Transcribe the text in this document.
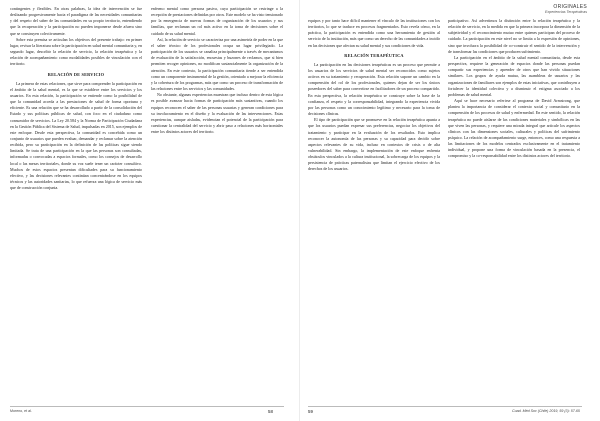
contingentes y flexibles. En otras palabras, la idea de intervención se fue deslizando progresivamente hacia el paradigma de las necesidades comunitarias y del respeto del saber de las comunidades en su propio territorio, entendiendo que la recuperación y la participación no pueden imponerse desde afuera sino que se construyen colectivamente.

Sobre esta premisa se articulan los objetivos del presente trabajo: en primer lugar, revisar la literatura sobre la participación en salud mental comunitaria y, en segundo lugar, describir la relación de servicio, la relación terapéutica y la relación de acompañamiento como modalidades posibles de vinculación con el territorio.

RELACIÓN DE SERVICIO

La primera de estas relaciones, que sirve para comprender la participación en el ámbito de la salud mental, es la que se establece entre los servicios y los usuarios. En esta relación, la participación se entiende como la posibilidad de que la comunidad acceda a las prestaciones de salud de forma oportuna y eficiente. Es una relación que se ha desarrollado a partir de la consolidación del Estado y sus políticas públicas de salud, con foco en el ciudadano como consumidor de servicios. La Ley 20.584 y la Norma de Participación Ciudadana en la Gestión Pública del Sistema de Salud, impulsadas en 2015, son ejemplos de este enfoque. Desde esta perspectiva, la comunidad es concebida como un conjunto de usuarios que pueden evaluar, demandar y reclamar sobre la atención recibida, pero su participación en la definición de las políticas sigue siendo limitada. Se trata de una participación en la que las personas son consultadas, informadas o convocadas a espacios formales, como los consejos de desarrollo local o las mesas territoriales, donde su voz suele tener un carácter consultivo. Muchos de estos espacios presentan dificultades para su funcionamiento efectivo, y las decisiones relevantes continúan concentrándose en los equipos técnicos y las autoridades sanitarias, lo que refuerza una lógica de servicio más que de construcción conjunta.

enfermo mental como persona pasiva, cuya participación se restringe a la recepción de prestaciones definidas por otros. Este modelo se ha visto tensionado por la emergencia de nuevas formas de organización de los usuarios y sus familias, que reclaman un rol más activo en la toma de decisiones sobre el cuidado de su salud mental.

Así, la relación de servicio se caracteriza por una asimetría de poder en la que el saber técnico de los profesionales ocupa un lugar privilegiado. La participación de los usuarios se canaliza principalmente a través de mecanismos de evaluación de la satisfacción, encuestas y buzones de reclamos, que si bien permiten recoger opiniones, no modifican sustancialmente la organización de la atención. En este contexto, la participación comunitaria tiende a ser entendida como un componente instrumental de la gestión, orientado a mejorar la eficiencia y la cobertura de los programas, más que como un proceso de transformación de las relaciones entre los servicios y las comunidades.

No obstante, algunas experiencias muestran que incluso dentro de esta lógica es posible avanzar hacia formas de participación más sustantivas, cuando los equipos reconocen el saber de las personas usuarias y generan condiciones para su involucramiento en el diseño y la evaluación de las intervenciones. Estas experiencias, aunque aisladas, evidencian el potencial de la participación para cuestionar la centralidad del servicio y abrir paso a relaciones más horizontales entre los distintos actores del territorio.

Moreno, et al.	58
ORIGINALES
Experiencias Terapéuticas

equipos y por tanto hace difícil mantener el vínculo de las instituciones con los territorios, lo que se traduce en procesos fragmentados. Esto revela cómo, en la práctica, la participación es entendida como una herramienta de gestión al servicio de la institución, más que como un derecho de las comunidades a incidir en las decisiones que afectan su salud mental y sus condiciones de vida.

RELACIÓN TERAPÉUTICA

La participación en las decisiones terapéuticas es un proceso que permite a los usuarios de los servicios de salud mental ser reconocidos como sujetos activos en su tratamiento y recuperación. Esta relación supone un cambio en la comprensión del rol de los profesionales, quienes dejan de ser los únicos poseedores del saber para convertirse en facilitadores de un proceso compartido. En esta perspectiva, la relación terapéutica se construye sobre la base de la confianza, el respeto y la corresponsabilidad, integrando la experiencia vivida por las personas como un conocimiento legítimo y necesario para la toma de decisiones clínicas.

El tipo de participación que se promueve en la relación terapéutica apunta a que los usuarios puedan expresar sus preferencias, negociar los objetivos del tratamiento y participar en la evaluación de los resultados. Esto implica reconocer la autonomía de las personas y su capacidad para decidir sobre aspectos relevantes de su vida, incluso en contextos de crisis o de alta vulnerabilidad. Sin embargo, la implementación de este enfoque enfrenta obstáculos vinculados a la cultura institucional, la sobrecarga de los equipos y la persistencia de prácticas paternalistas que limitan el ejercicio efectivo de los derechos de los usuarios.

participativo. Así advertimos la distinción entre la relación terapéutica y la relación de servicio, en la medida en que la primera incorpora la dimensión de la subjetividad y el reconocimiento mutuo entre quienes participan del proceso de cuidado. La participación en este nivel no se limita a la expresión de opiniones, sino que involucra la posibilidad de co-construir el sentido de la intervención y de transformar las condiciones que producen sufrimiento.

La participación en el ámbito de la salud mental comunitaria, desde esta perspectiva, requiere la generación de espacios donde las personas puedan compartir sus experiencias y aprender de otros que han vivido situaciones similares. Los grupos de ayuda mutua, las asambleas de usuarios y las organizaciones de familiares son ejemplos de estas iniciativas, que contribuyen a fortalecer la identidad colectiva y a disminuir el estigma asociado a los problemas de salud mental.

Aquí se hace necesario referirse al programa de David Armstrong, que plantea la importancia de considerar el contexto social y comunitario en la comprensión de los procesos de salud y enfermedad. En este sentido, la relación terapéutica no puede aislarse de las condiciones materiales y simbólicas en las que viven las personas, y requiere una mirada integral que articule los aspectos clínicos con las dimensiones sociales, culturales y políticas del sufrimiento psíquico. La relación de acompañamiento surge, entonces, como una respuesta a las limitaciones de los modelos centrados exclusivamente en el tratamiento individual, y propone una forma de vinculación basada en la presencia, el compromiso y la co-responsabilidad entre los distintos actores del territorio.

59	Cuad. Méd Soc (Chile) 2019, 59 (3): 57-65
